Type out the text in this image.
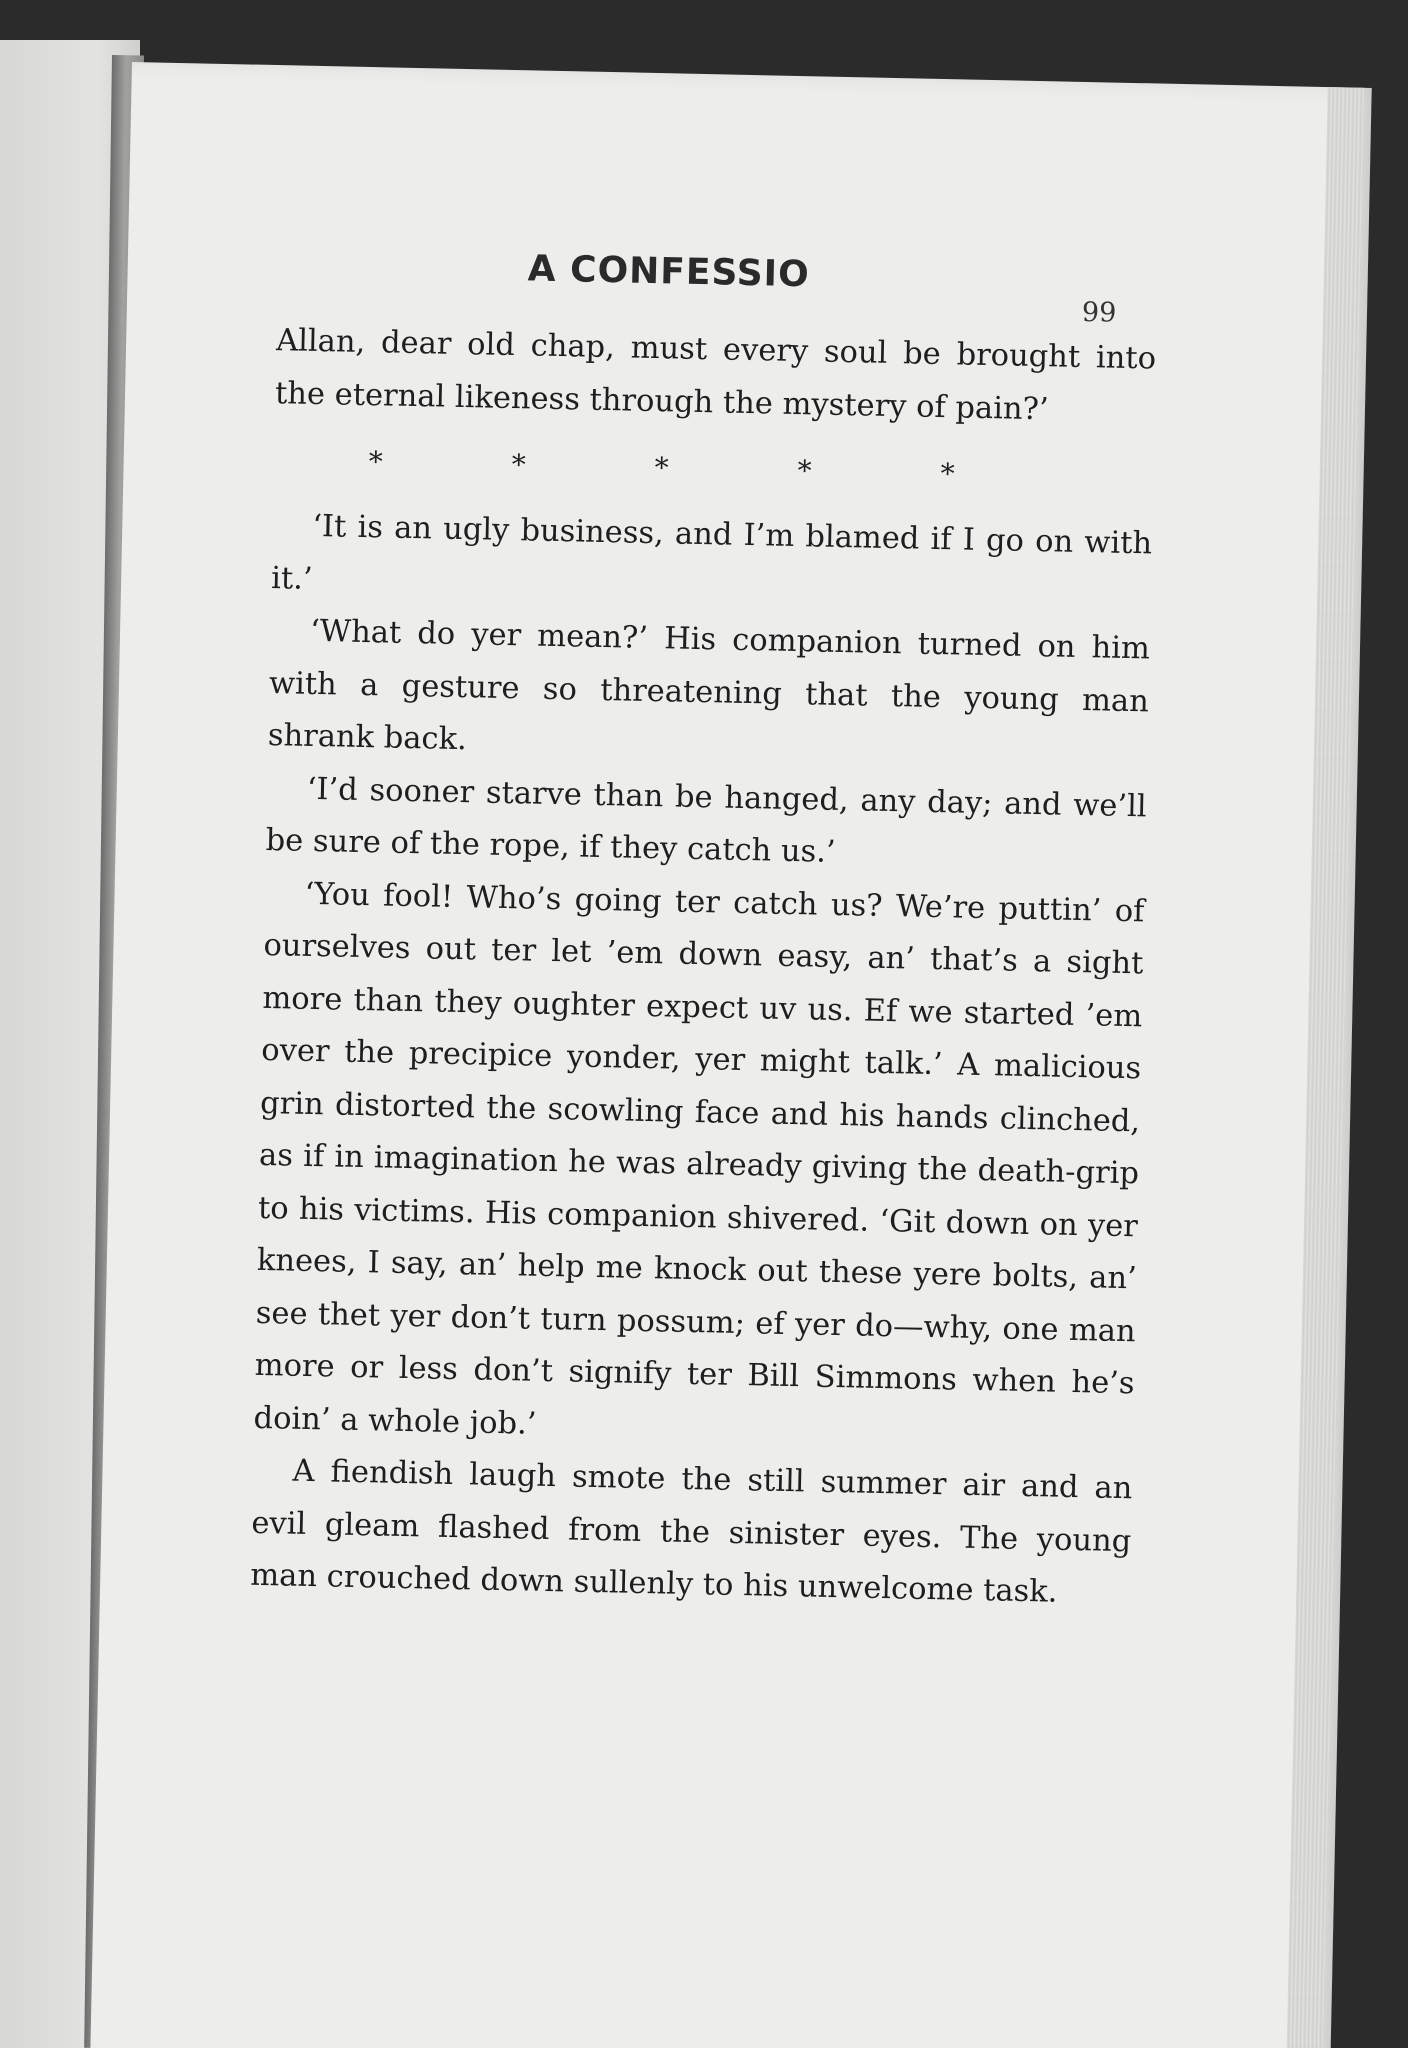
A CONFESSIO
99

Allan, dear old chap, must every soul be brought into the eternal likeness through the mystery of pain?’

*	*	*	*	*

‘It is an ugly business, and I’m blamed if I go on with it.’

‘What do yer mean?’ His companion turned on him with a gesture so threatening that the young man shrank back.

‘I’d sooner starve than be hanged, any day; and we’ll be sure of the rope, if they catch us.’

‘You fool! Who’s going ter catch us? We’re puttin’ of ourselves out ter let ’em down easy, an’ that’s a sight more than they oughter expect uv us. Ef we started ’em over the precipice yonder, yer might talk.’ A malicious grin distorted the scowling face and his hands clinched, as if in imagination he was already giving the death-grip to his victims. His companion shivered. ‘Git down on yer knees, I say, an’ help me knock out these yere bolts, an’ see thet yer don’t turn possum; ef yer do—why, one man more or less don’t signify ter Bill Simmons when he’s doin’ a whole job.’

A fiendish laugh smote the still summer air and an evil gleam flashed from the sinister eyes. The young man crouched down sullenly to his unwelcome task.
